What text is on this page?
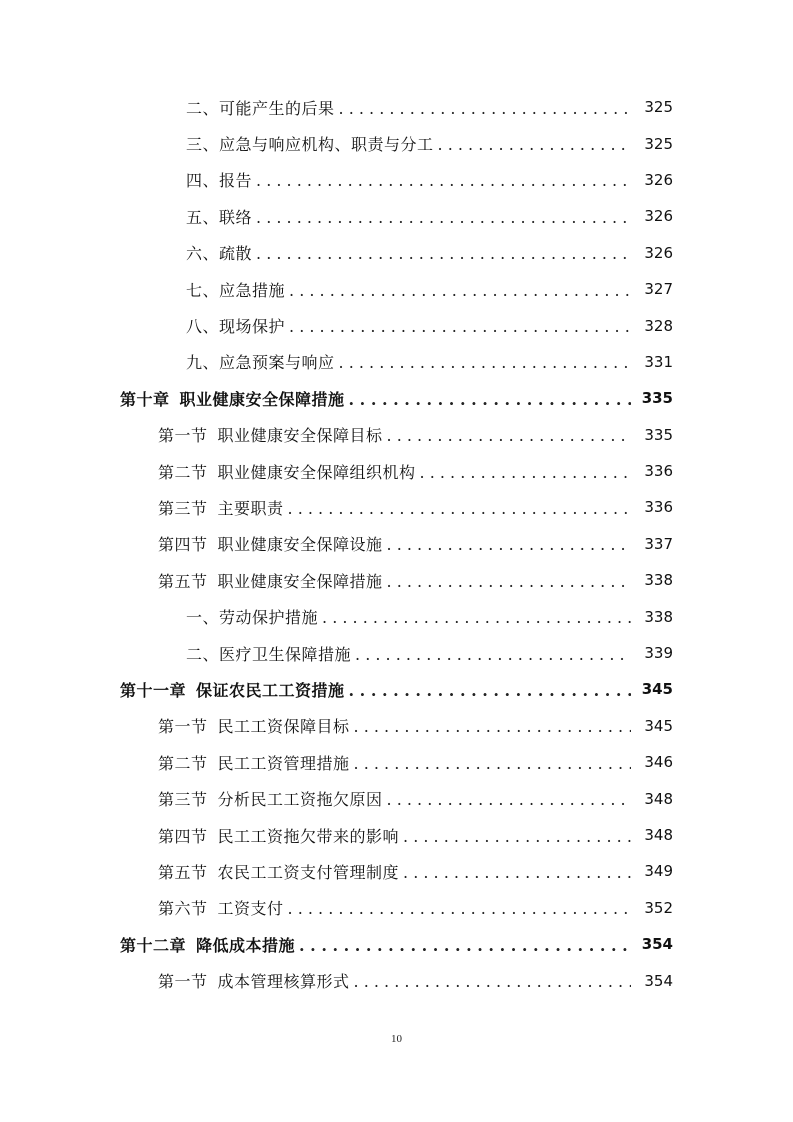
二、可能产生的后果 . . .	325
三、应急与响应机构、职责与分工 . . .	325
四、报告 . . .	326
五、联络 . . .	326
六、疏散 . . .	326
七、应急措施 . . .	327
八、现场保护 . . .	328
九、应急预案与响应 . . .	331
第十章 职业健康安全保障措施 . . .	335
第一节 职业健康安全保障目标 . . .	335
第二节 职业健康安全保障组织机构 . . .	336
第三节 主要职责 . . .	336
第四节 职业健康安全保障设施 . . .	337
第五节 职业健康安全保障措施 . . .	338
一、劳动保护措施 . . .	338
二、医疗卫生保障措施 . . .	339
第十一章 保证农民工工资措施 . . .	345
第一节 民工工资保障目标 . . .	345
第二节 民工工资管理措施 . . .	346
第三节 分析民工工资拖欠原因 . . .	348
第四节 民工工资拖欠带来的影响 . . .	348
第五节 农民工工资支付管理制度 . . .	349
第六节 工资支付 . . .	352
第十二章 降低成本措施 . . .	354
第一节 成本管理核算形式 . . .	354
10
